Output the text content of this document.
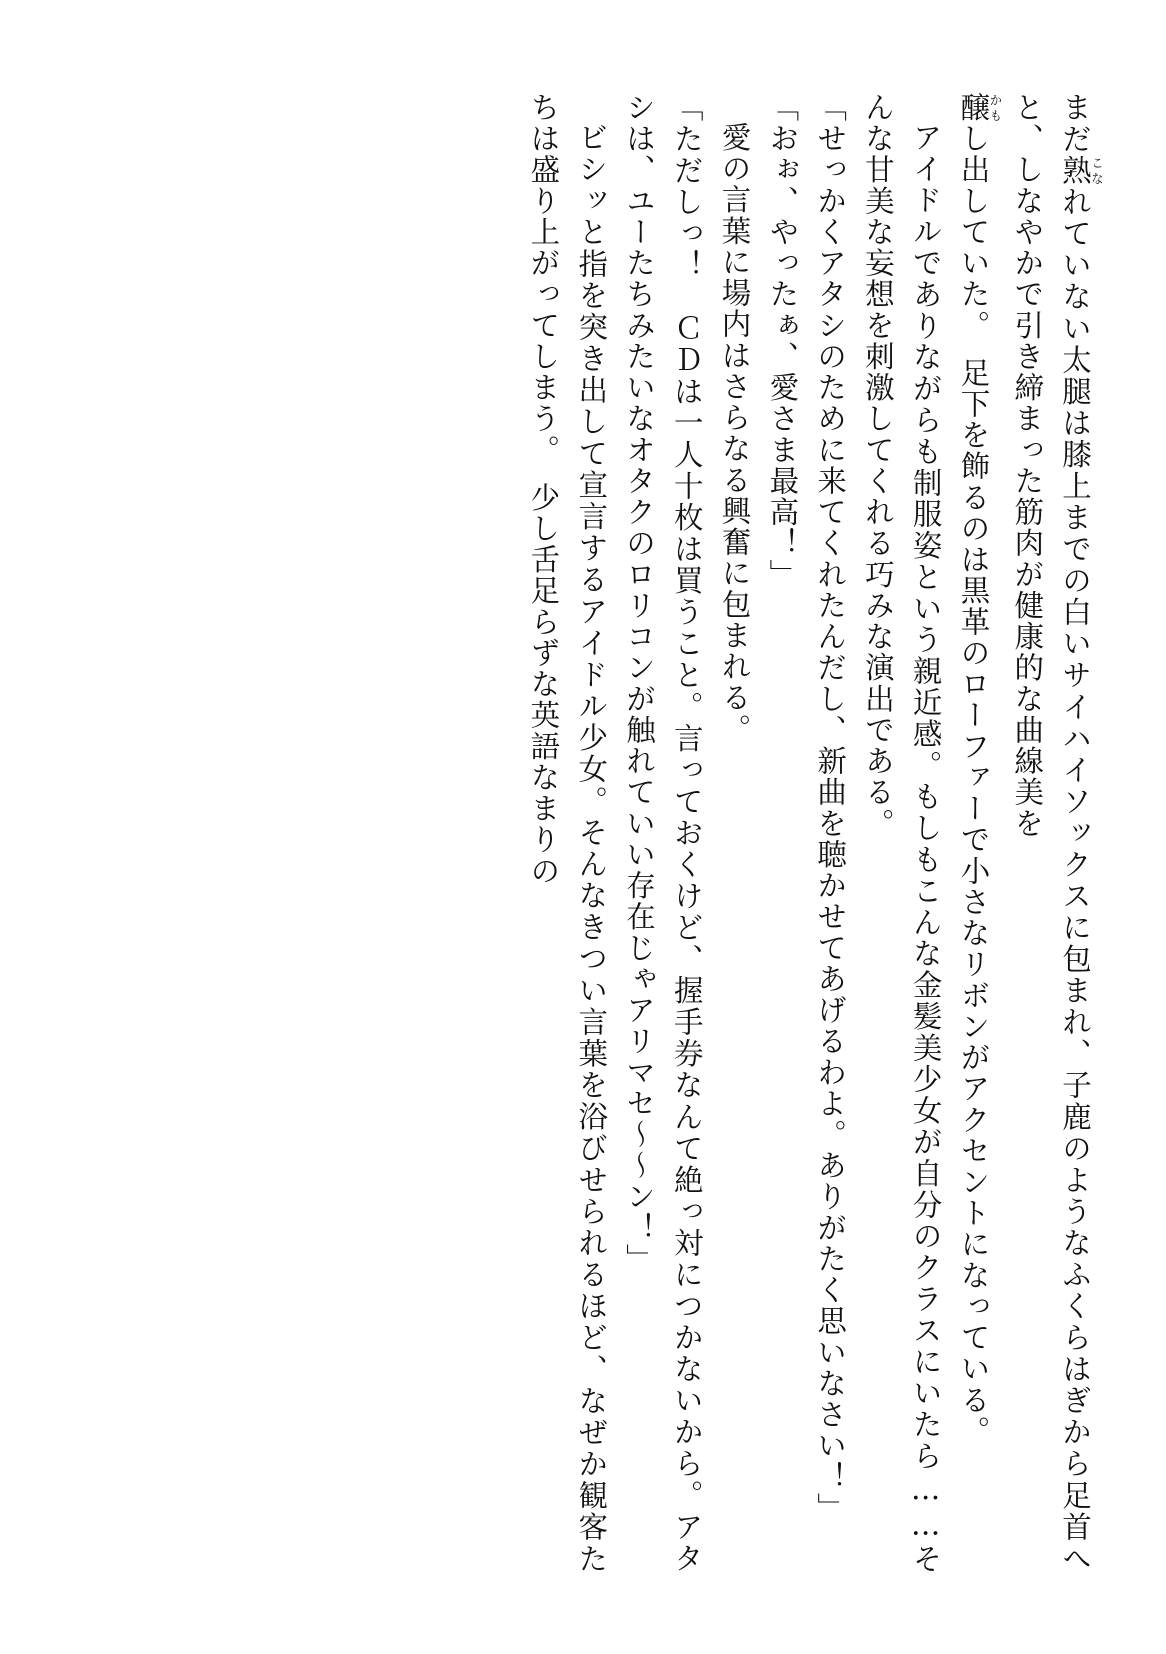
まだ熟こなれていない太腿は膝上までの白いサイハイソックスに包まれ、子鹿のようなふくらはぎから足首へと、しなやかで引き締まった筋肉が健康的な曲線美を

醸かもし出していた。　足下を飾るのは黒革のローファーで小さなリボンがアクセントになっている。

アイドルでありながらも制服姿という親近感。もしもこんな金髪美少女が自分のクラスにいたら……そんな甘美な妄想を刺激してくれる巧みな演出である。

「せっかくアタシのために来てくれたんだし、新曲を聴かせてあげるわよ。ありがたく思いなさい！」

「おぉ、やったぁ、愛さま最高！」

愛の言葉に場内はさらなる興奮に包まれる。

「ただしっ！　ＣＤは一人十枚は買うこと。言っておくけど、握手券なんて絶っ対につかないから。アタシは、ユーたちみたいなオタクのロリコンが触れていい存在じゃアリマセ〜〜ン！」

ビシッと指を突き出して宣言するアイドル少女。そんなきつい言葉を浴びせられるほど、なぜか観客たちは盛り上がってしまう。　少し舌足らずな英語なまりの
